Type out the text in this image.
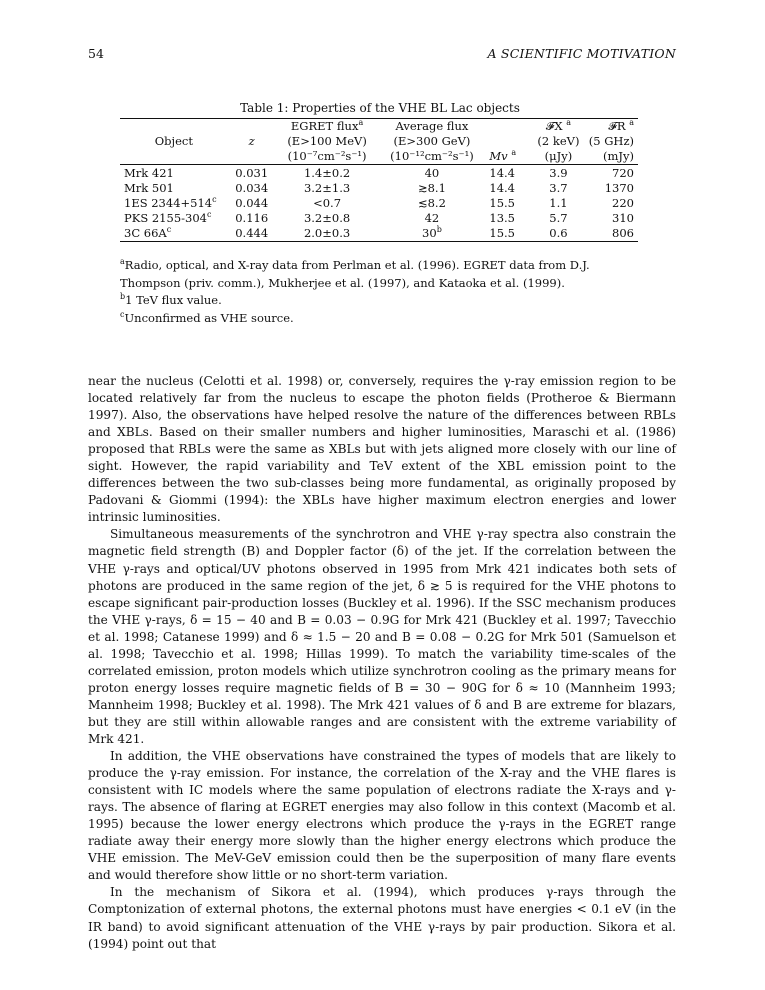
54	A SCIENTIFIC MOTIVATION
Table 1: Properties of the VHE BL Lac objects
		EGRET flux$^a$	Average flux		𝓕X $^a$	𝓕R $^a$
Object	z	(E>100 MeV)	(E>300 GeV)		(2 keV)	(5 GHz)
		(10⁻⁷cm⁻²s⁻¹)	(10⁻¹²cm⁻²s⁻¹)	Mv $^a$	(μJy)	(mJy)
Mrk 421	0.031	1.4±0.2	40	14.4	3.9	720
Mrk 501	0.034	3.2±1.3	≳8.1	14.4	3.7	1370
1ES $2344+514^c$	0.044	<0.7	≲8.2	15.5	1.1	220
PKS 2155-304$^c$	0.116	3.2±0.8	42	13.5	5.7	310
3C $66A^c$	0.444	2.0±0.3	30$^b$	15.5	0.6	806

$^a$Radio, optical, and X-ray data from Perlman et al. (1996). EGRET data from D.J. Thompson (priv. comm.), Mukherjee et al. (1997), and Kataoka et al. (1999).

$^b$1 TeV flux value.

$^c$Unconfirmed as VHE source.

near the nucleus (Celotti et al. 1998) or, conversely, requires the γ-ray emission region to be located relatively far from the nucleus to escape the photon fields (Protheroe & Biermann 1997). Also, the observations have helped resolve the nature of the differences between RBLs and XBLs. Based on their smaller numbers and higher luminosities, Maraschi et al. (1986) proposed that RBLs were the same as XBLs but with jets aligned more closely with our line of sight. However, the rapid variability and TeV extent of the XBL emission point to the differences between the two sub-classes being more fundamental, as originally proposed by Padovani & Giommi (1994): the XBLs have higher maximum electron energies and lower intrinsic luminosities.

Simultaneous measurements of the synchrotron and VHE γ-ray spectra also constrain the magnetic field strength (B) and Doppler factor (δ) of the jet. If the correlation between the VHE γ-rays and optical/UV photons observed in 1995 from Mrk 421 indicates both sets of photons are produced in the same region of the jet, δ ≳ 5 is required for the VHE photons to escape significant pair-production losses (Buckley et al. 1996). If the SSC mechanism produces the VHE γ-rays, δ = 15 − 40 and B = 0.03 − 0.9G for Mrk 421 (Buckley et al. 1997; Tavecchio et al. 1998; Catanese 1999) and δ ≈ 1.5 − 20 and B = 0.08 − 0.2G for Mrk 501 (Samuelson et al. 1998; Tavecchio et al. 1998; Hillas 1999). To match the variability time-scales of the correlated emission, proton models which utilize synchrotron cooling as the primary means for proton energy losses require magnetic fields of B = 30 − 90G for δ ≈ 10 (Mannheim 1993; Mannheim 1998; Buckley et al. 1998). The Mrk 421 values of δ and B are extreme for blazars, but they are still within allowable ranges and are consistent with the extreme variability of Mrk 421.

In addition, the VHE observations have constrained the types of models that are likely to produce the γ-ray emission. For instance, the correlation of the X-ray and the VHE flares is consistent with IC models where the same population of electrons radiate the X-rays and γ-rays. The absence of flaring at EGRET energies may also follow in this context (Macomb et al. 1995) because the lower energy electrons which produce the γ-rays in the EGRET range radiate away their energy more slowly than the higher energy electrons which produce the VHE emission. The MeV-GeV emission could then be the superposition of many flare events and would therefore show little or no short-term variation.

In the mechanism of Sikora et al. (1994), which produces γ-rays through the Comptonization of external photons, the external photons must have energies < 0.1 eV (in the IR band) to avoid significant attenuation of the VHE γ-rays by pair production. Sikora et al. (1994) point out that
